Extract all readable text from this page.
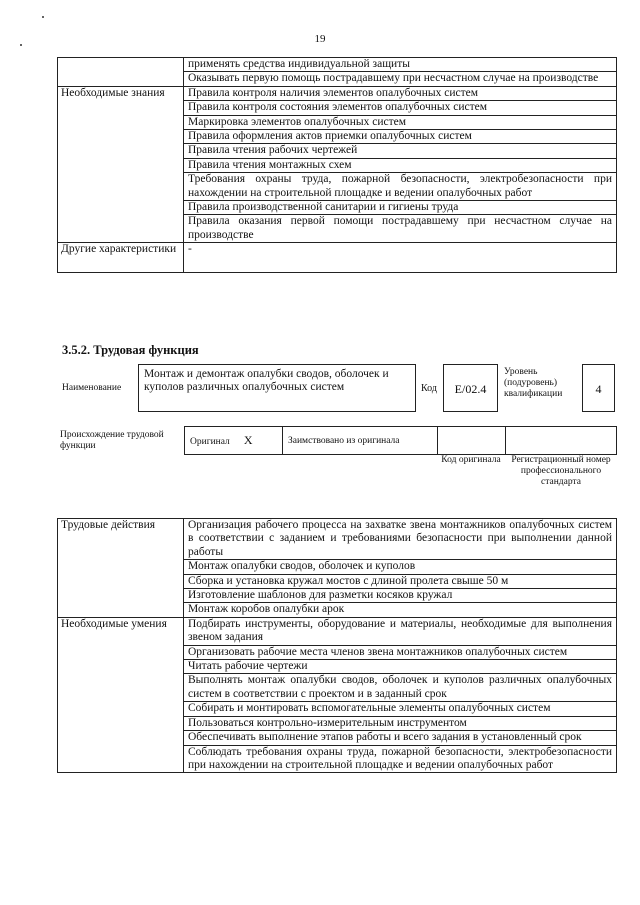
19
	применять средства индивидуальной защиты
	Оказывать первую помощь пострадавшему при несчастном случае на производстве
Необходимые знания	Правила контроля наличия элементов опалубочных систем
	Правила контроля состояния элементов опалубочных систем
	Маркировка элементов опалубочных систем
	Правила оформления актов приемки опалубочных систем
	Правила чтения рабочих чертежей
	Правила чтения монтажных схем
	Требования охраны труда, пожарной безопасности, электробезопасности при нахождении на строительной площадке и ведении опалубочных работ
	Правила производственной санитарии и гигиены труда
	Правила оказания первой помощи пострадавшему при несчастном случае на производстве
Другие характеристики	-
3.5.2. Трудовая функция
Наименование
Монтаж и демонтаж опалубки сводов, оболочек и куполов различных опалубочных систем	Код	Е/02.4
Уровень (подуровень) квалификации	4
Происхождение трудовой функции	Оригинал X	Заимствовано из оригинала		
Код оригинала	Регистрационный номер профессионального стандарта
Трудовые действия	Организация рабочего процесса на захватке звена монтажников опалубочных систем в соответствии с заданием и требованиями безопасности при выполнении данной работы
	Монтаж опалубки сводов, оболочек и куполов
	Сборка и установка кружал мостов с длиной пролета свыше 50 м
	Изготовление шаблонов для разметки косяков кружал
	Монтаж коробов опалубки арок
Необходимые умения	Подбирать инструменты, оборудование и материалы, необходимые для выполнения звеном задания
	Организовать рабочие места членов звена монтажников опалубочных систем
	Читать рабочие чертежи
	Выполнять монтаж опалубки сводов, оболочек и куполов различных опалубочных систем в соответствии с проектом и в заданный срок
	Собирать и монтировать вспомогательные элементы опалубочных систем
	Пользоваться контрольно-измерительным инструментом
	Обеспечивать выполнение этапов работы и всего задания в установленный срок
	Соблюдать требования охраны труда, пожарной безопасности, электробезопасности при нахождении на строительной площадке и ведении опалубочных работ
